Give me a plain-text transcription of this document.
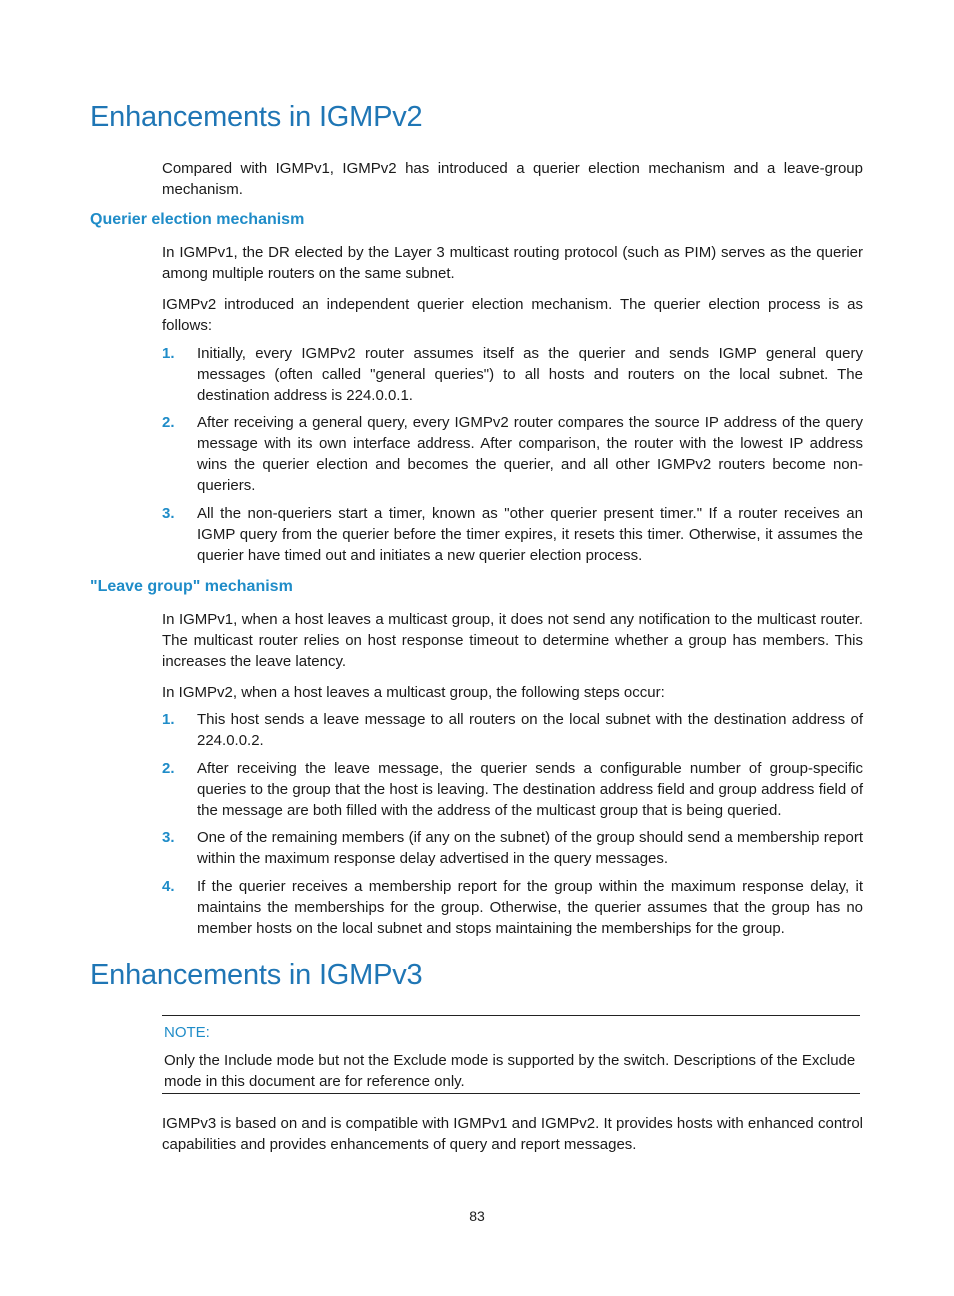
Enhancements in IGMPv2

Compared with IGMPv1, IGMPv2 has introduced a querier election mechanism and a leave-group mechanism.

Querier election mechanism

In IGMPv1, the DR elected by the Layer 3 multicast routing protocol (such as PIM) serves as the querier among multiple routers on the same subnet.

IGMPv2 introduced an independent querier election mechanism. The querier election process is as follows:

1. Initially, every IGMPv2 router assumes itself as the querier and sends IGMP general query messages (often called "general queries") to all hosts and routers on the local subnet. The destination address is 224.0.0.1.

2. After receiving a general query, every IGMPv2 router compares the source IP address of the query message with its own interface address. After comparison, the router with the lowest IP address wins the querier election and becomes the querier, and all other IGMPv2 routers become non-queriers.

3. All the non-queriers start a timer, known as "other querier present timer." If a router receives an IGMP query from the querier before the timer expires, it resets this timer. Otherwise, it assumes the querier have timed out and initiates a new querier election process.

"Leave group" mechanism

In IGMPv1, when a host leaves a multicast group, it does not send any notification to the multicast router. The multicast router relies on host response timeout to determine whether a group has members. This increases the leave latency.

In IGMPv2, when a host leaves a multicast group, the following steps occur:

1. This host sends a leave message to all routers on the local subnet with the destination address of 224.0.0.2.

2. After receiving the leave message, the querier sends a configurable number of group-specific queries to the group that the host is leaving. The destination address field and group address field of the message are both filled with the address of the multicast group that is being queried.

3. One of the remaining members (if any on the subnet) of the group should send a membership report within the maximum response delay advertised in the query messages.

4. If the querier receives a membership report for the group within the maximum response delay, it maintains the memberships for the group. Otherwise, the querier assumes that the group has no member hosts on the local subnet and stops maintaining the memberships for the group.

Enhancements in IGMPv3
NOTE:

Only the Include mode but not the Exclude mode is supported by the switch. Descriptions of the Exclude mode in this document are for reference only.

IGMPv3 is based on and is compatible with IGMPv1 and IGMPv2. It provides hosts with enhanced control capabilities and provides enhancements of query and report messages.

83
